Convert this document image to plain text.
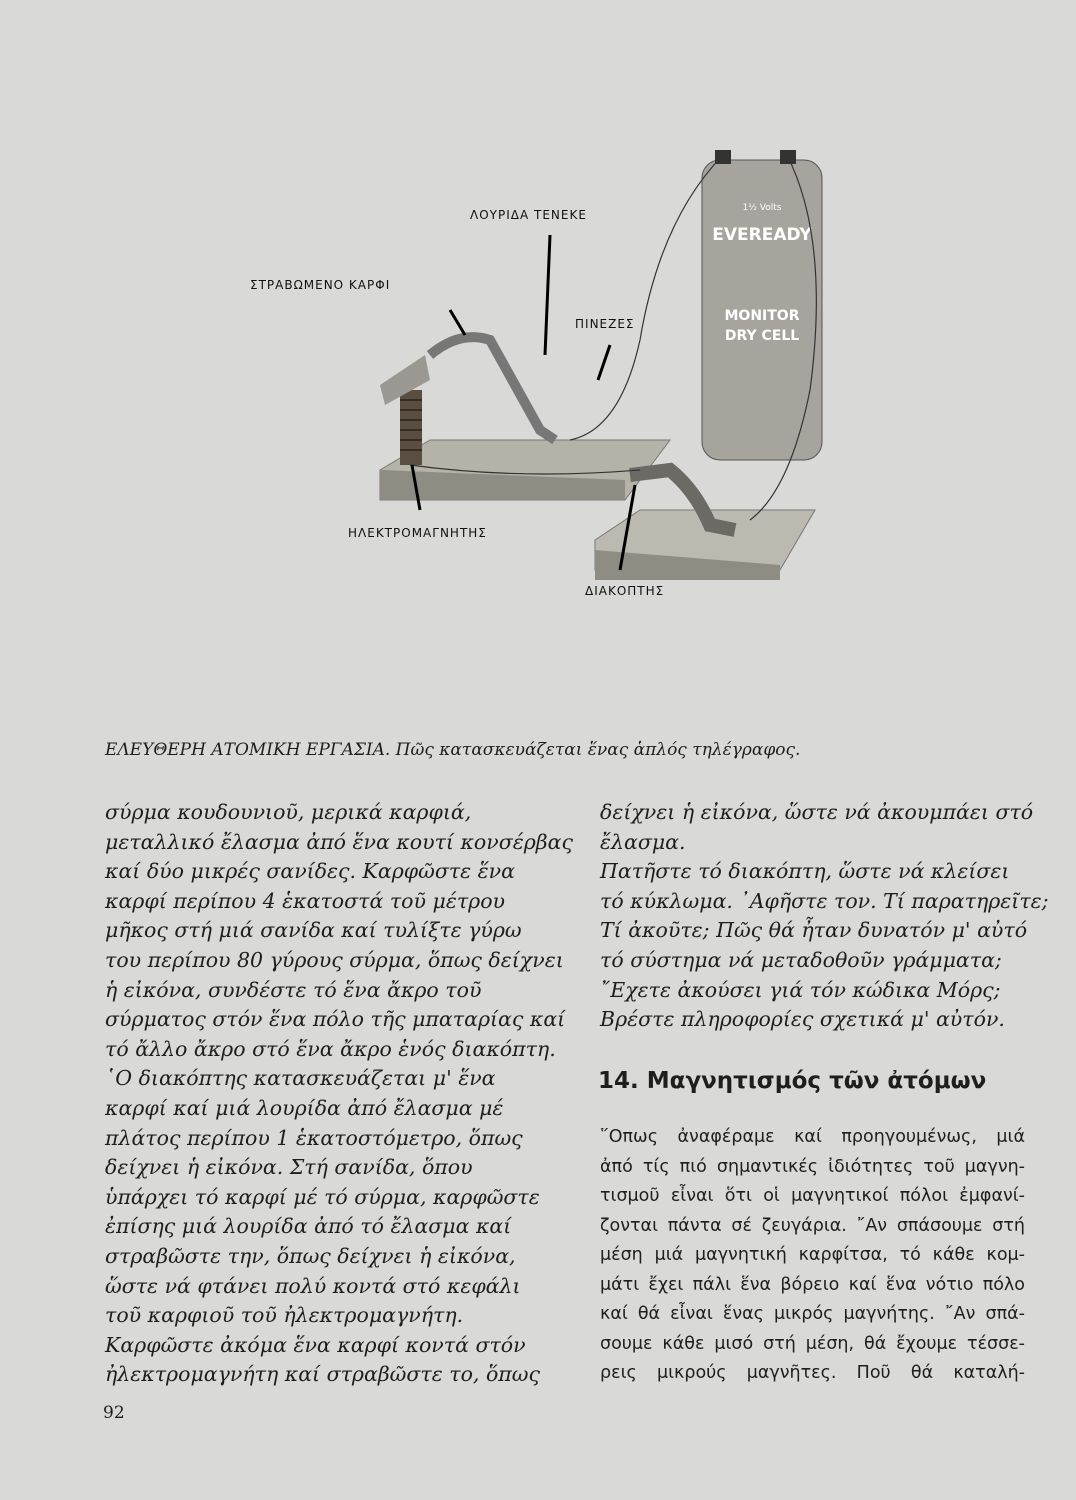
1½ Volts
EVEREADY
MONITOR
DRY CELL
ΛΟΥΡΙΔΑ ΤΕΝΕΚΕ
ΣΤΡΑΒΩΜΕΝΟ ΚΑΡΦΙ
ΠΙΝΕΖΕΣ
ΗΛΕΚΤΡΟΜΑΓΝΗΤΗΣ
ΔΙΑΚΟΠΤΗΣ
ΕΛΕΥΘΕΡΗ ΑΤΟΜΙΚΗ ΕΡΓΑΣΙΑ. Πῶς κατασκευάζεται ἕνας ἁπλός τηλέγραφος.
σύρμα κουδουνιοῦ, μερικά καρφιά,
μεταλλικό ἔλασμα ἀπό ἕνα κουτί κονσέρβας
καί δύο μικρές σανίδες. Καρφῶστε ἕνα
καρφί περίπου 4 ἑκατοστά τοῦ μέτρου
μῆκος στή μιά σανίδα καί τυλίξτε γύρω
του περίπου 80 γύρους σύρμα, ὅπως δείχνει
ἡ εἰκόνα, συνδέστε τό ἕνα ἄκρο τοῦ
σύρματος στόν ἕνα πόλο τῆς μπαταρίας καί
τό ἄλλο ἄκρο στό ἕνα ἄκρο ἑνός διακόπτη.
῾Ο διακόπτης κατασκευάζεται μ' ἕνα
καρφί καί μιά λουρίδα ἀπό ἔλασμα μέ
πλάτος περίπου 1 ἑκατοστόμετρο, ὅπως
δείχνει ἡ εἰκόνα. Στή σανίδα, ὅπου
ὑπάρχει τό καρφί μέ τό σύρμα, καρφῶστε
ἐπίσης μιά λουρίδα ἀπό τό ἔλασμα καί
στραβῶστε την, ὅπως δείχνει ἡ εἰκόνα,
ὥστε νά φτάνει πολύ κοντά στό κεφάλι
τοῦ καρφιοῦ τοῦ ἠλεκτρομαγνήτη.
Καρφῶστε ἀκόμα ἕνα καρφί κοντά στόν
ἠλεκτρομαγνήτη καί στραβῶστε το, ὅπως
δείχνει ἡ εἰκόνα, ὥστε νά ἀκουμπάει στό
ἔλασμα.
Πατῆστε τό διακόπτη, ὥστε νά κλείσει
τό κύκλωμα. ᾿Αφῆστε τον. Τί παρατηρεῖτε;
Τί ἀκοῦτε; Πῶς θά ἦταν δυνατόν μ' αὐτό
τό σύστημα νά μεταδοθοῦν γράμματα;
῎Εχετε ἀκούσει γιά τόν κώδικα Μόρς;
Βρέστε πληροφορίες σχετικά μ' αὐτόν.
14. Μαγνητισμός τῶν ἀτόμων
῞Οπως ἀναφέραμε καί προηγουμένως, μιά
ἀπό τίς πιό σημαντικές ἰδιότητες τοῦ μαγνη-
τισμοῦ εἶναι ὅτι οἱ μαγνητικοί πόλοι ἐμφανί-
ζονται πάντα σέ ζευγάρια. ῎Αν σπάσουμε στή
μέση μιά μαγνητική καρφίτσα, τό κάθε κομ-
μάτι ἔχει πάλι ἕνα βόρειο καί ἕνα νότιο πόλο
καί θά εἶναι ἕνας μικρός μαγνήτης. ῎Αν σπά-
σουμε κάθε μισό στή μέση, θά ἔχουμε τέσσε-
ρεις μικρούς μαγνῆτες. Ποῦ θά καταλή-
92
